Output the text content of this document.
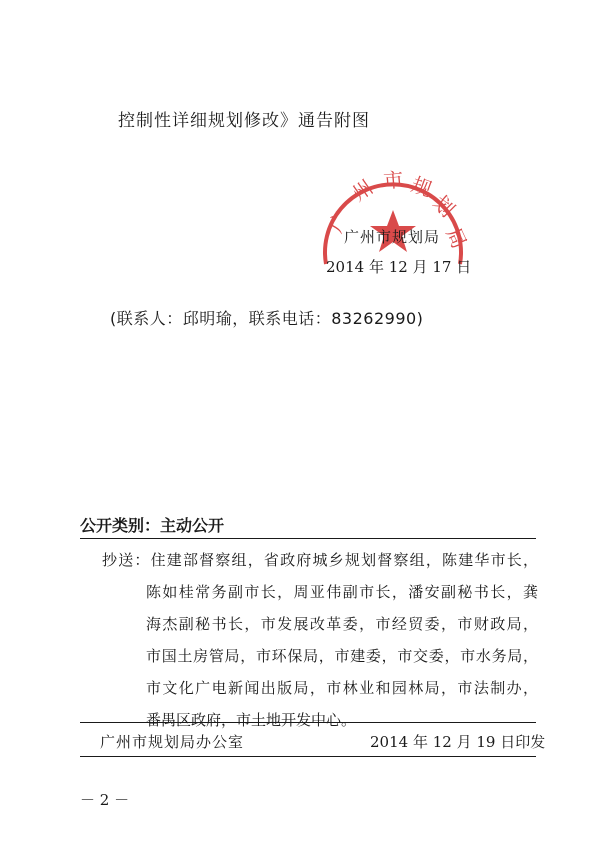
控制性详细规划修改》通告附图
广
州 市 规
划
局
广州市规划局
2014 年 12 月 17 日
(联系人：邱明瑜，联系电话：83262990)
公开类别：主动公开
抄送：住建部督察组，省政府城乡规划督察组，陈建华市长，
陈如桂常务副市长，周亚伟副市长，潘安副秘书长，龚
海杰副秘书长，市发展改革委，市经贸委，市财政局，
市国土房管局，市环保局，市建委，市交委，市水务局，
市文化广电新闻出版局，市林业和园林局，市法制办，
番禺区政府，市土地开发中心。
广州市规划局办公室	2014 年 12 月 19 日印发
－ 2 －
